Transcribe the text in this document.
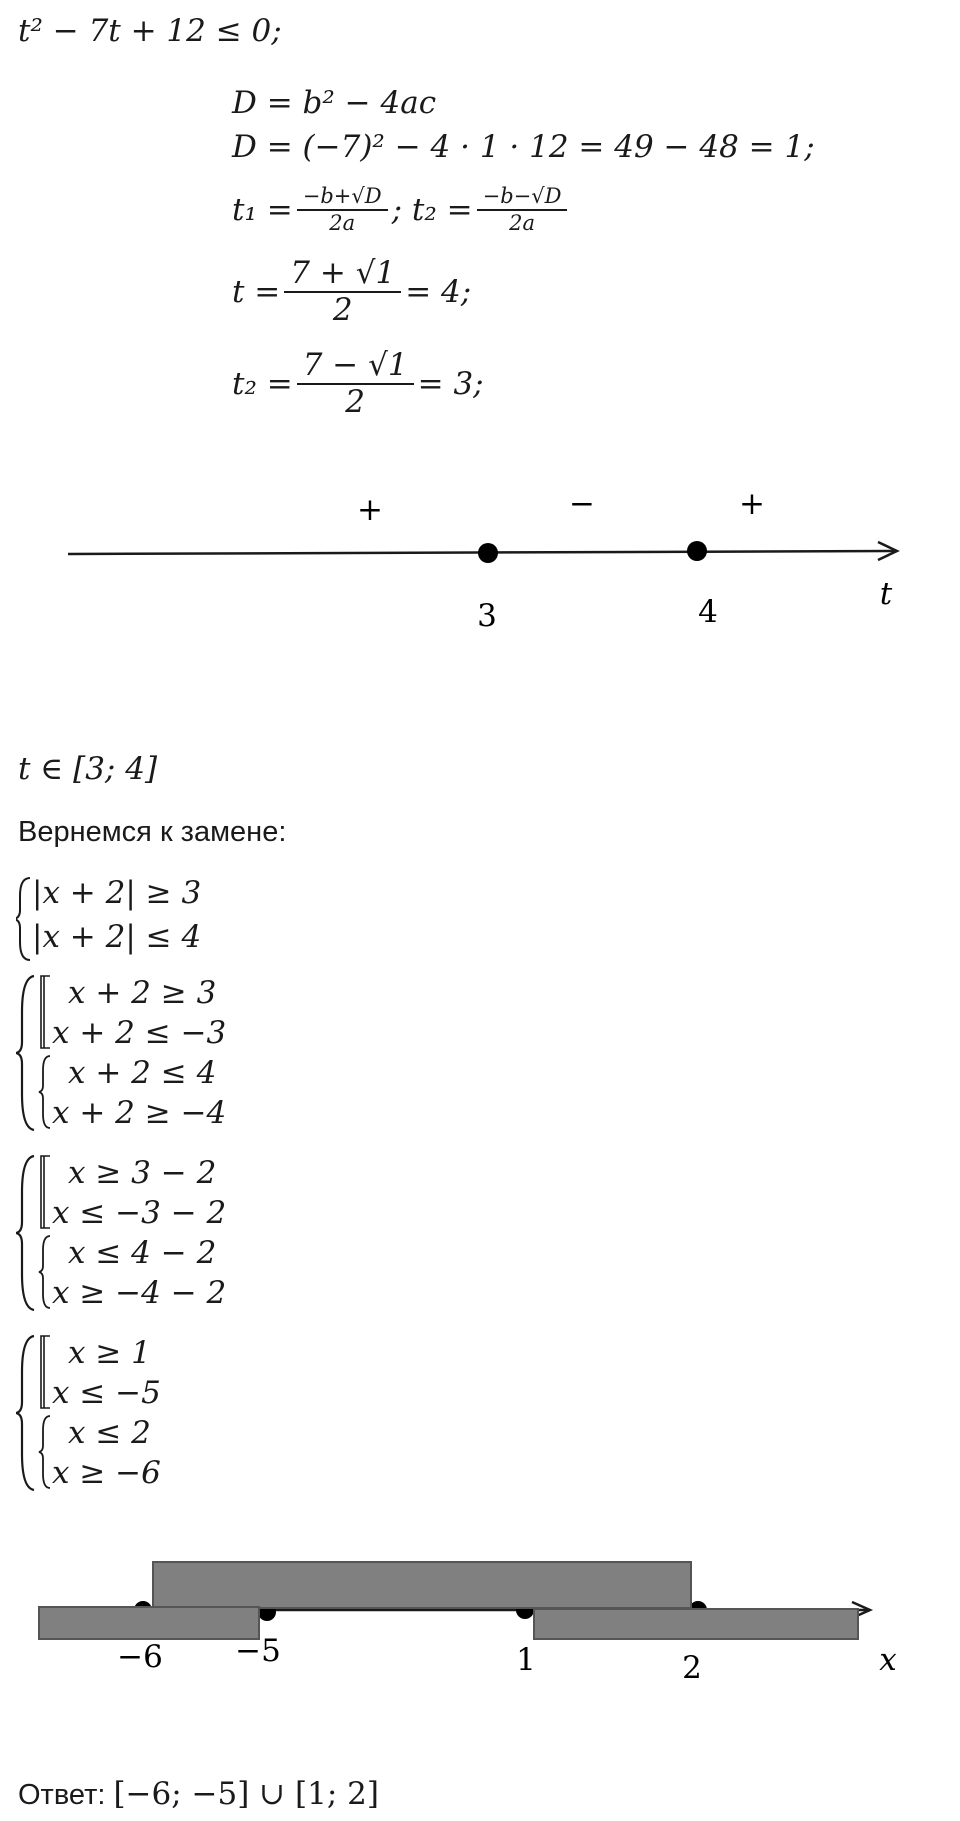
t² − 7t + 12 ≤ 0;
D = b² − 4ac
D = (−7)² − 4 · 1 · 12 = 49 − 48 = 1;
$t_1 = \frac{-b+√D}{2a}$ ; $t_2 = \frac{-b-√D}{2a}$
$t = \frac{7 + √1}{2} = 4$;
$t_2 = \frac{7 - √1}{2} = 3$;
+	−	+
3	4	t
t ∈ [3; 4]
Вернемся к замене:
|x + 2| ≥ 3
|x + 2| ≤ 4
x + 2 ≥ 3
x + 2 ≤ −3
x + 2 ≤ 4
x + 2 ≥ −4
x ≥ 3 − 2
x ≤ −3 − 2
x ≤ 4 − 2
x ≥ −4 − 2
x ≥ 1
x ≤ −5
x ≤ 2
x ≥ −6
−6 −5	1	2	x
Ответ: [−6; −5] ∪ [1; 2]
